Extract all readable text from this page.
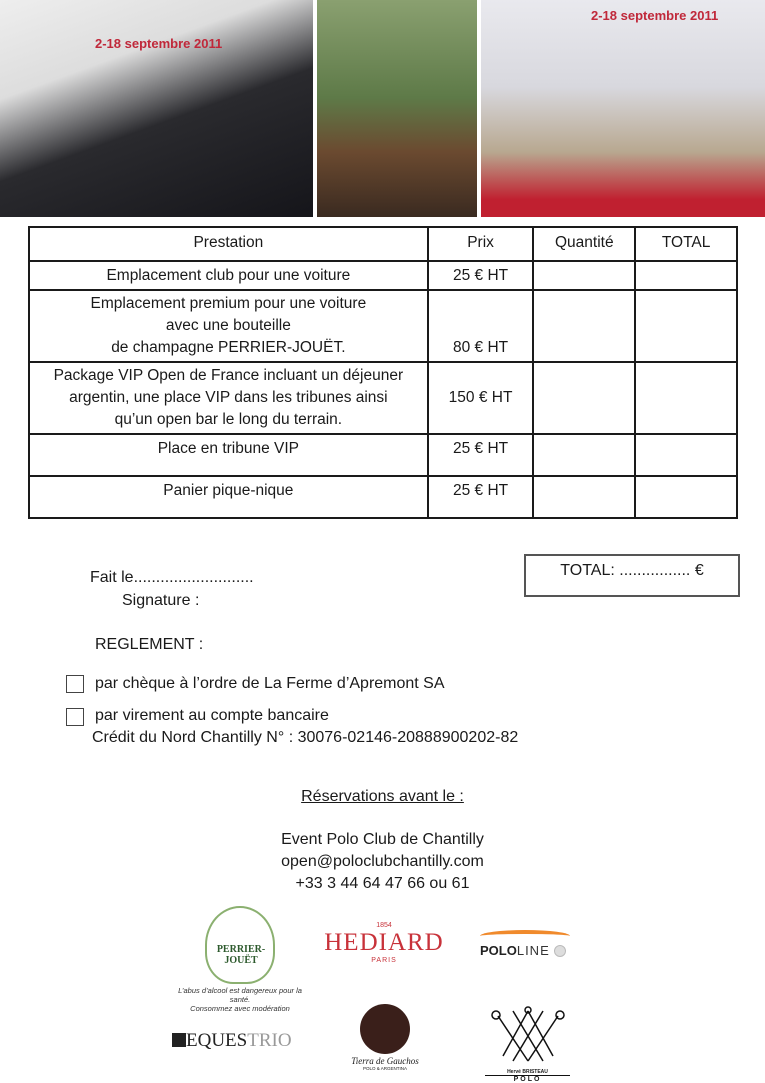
2-18 septembre 2011
2-18 septembre 2011
Prestation	Prix	Quantité	TOTAL

Emplacement club pour une voiture	25 € HT		

Emplacement premium pour une voiture
avec une bouteille
de champagne PERRIER-JOUËT.	80 € HT		

Package VIP Open de France incluant un déjeuner
argentin, une place VIP dans les tribunes ainsi
qu’un open bar le long du terrain.	150 € HT		

Place en tribune VIP	25 € HT		

Panier pique-nique	25 € HT		
Fait le...........................
Signature :
TOTAL: ................ €
REGLEMENT :
par chèque à l’ordre de La Ferme d’Apremont SA
par virement au compte bancaire
Crédit du Nord Chantilly N° : 30076-02146-20888900202-82
Réservations avant le :
Event Polo Club de Chantilly
open@poloclubchantilly.com
+33 3 44 64 47 66 ou 61
PERRIER-JOUËT
L’abus d’alcool est dangereux pour la santé.
Consommez avec modération
1854
HEDIARD
PARIS
POLOLINE
EQUESTRIO
Tierra de Gauchos
POLO & ARGENTINA
Hervé BRISTEAU
POLO
